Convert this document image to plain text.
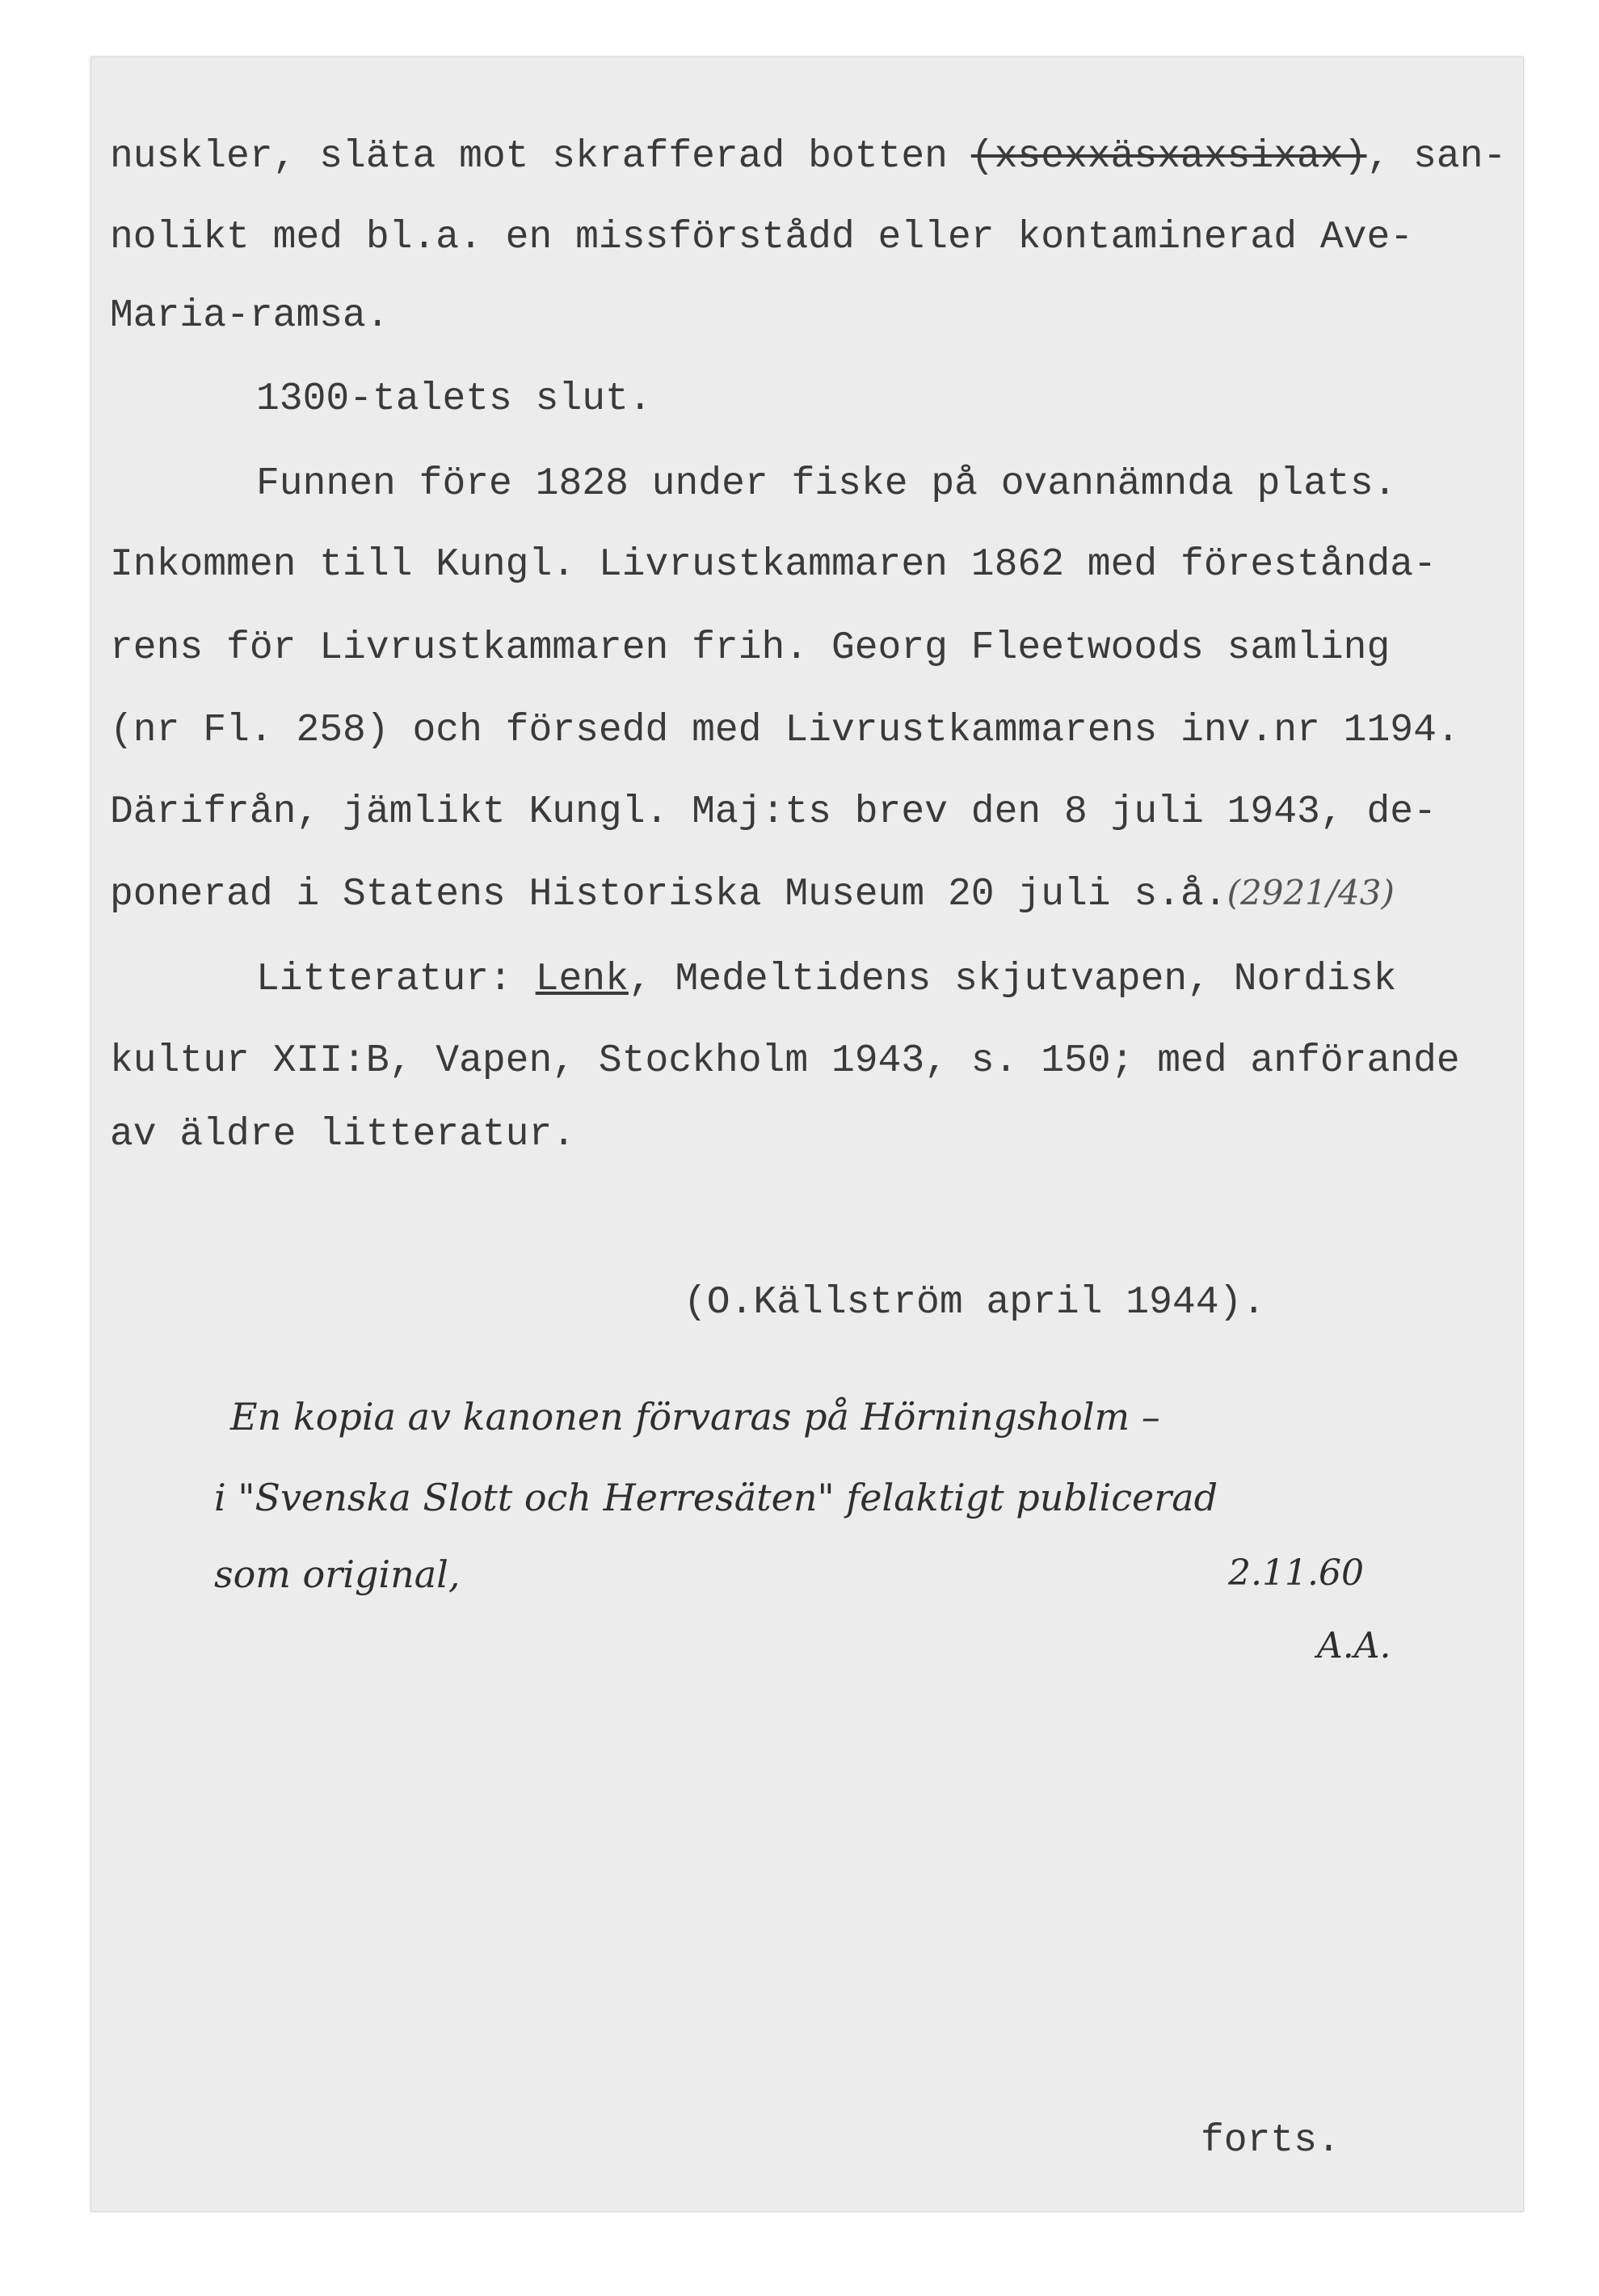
nuskler, släta mot skrafferad botten (xsexxäsxaxsixax), san-
nolikt med bl.a. en missförstådd eller kontaminerad Ave-
Maria-ramsa.
1300-talets slut.
Funnen före 1828 under fiske på ovannämnda plats.
Inkommen till Kungl. Livrustkammaren 1862 med förestånda-
rens för Livrustkammaren frih. Georg Fleetwoods samling
(nr Fl. 258) och försedd med Livrustkammarens inv.nr 1194.
Därifrån, jämlikt Kungl. Maj:ts brev den 8 juli 1943, de-
ponerad i Statens Historiska Museum 20 juli s.å.(2921/43)
Litteratur: Lenk, Medeltidens skjutvapen, Nordisk
kultur XII:B, Vapen, Stockholm 1943, s. 150; med anförande
av äldre litteratur.
(O.Källström april 1944).
En kopia av kanonen förvaras på Hörningsholm –
i "Svenska Slott och Herresäten" felaktigt publicerad
som original,	2.11.60
A.A.
forts.
